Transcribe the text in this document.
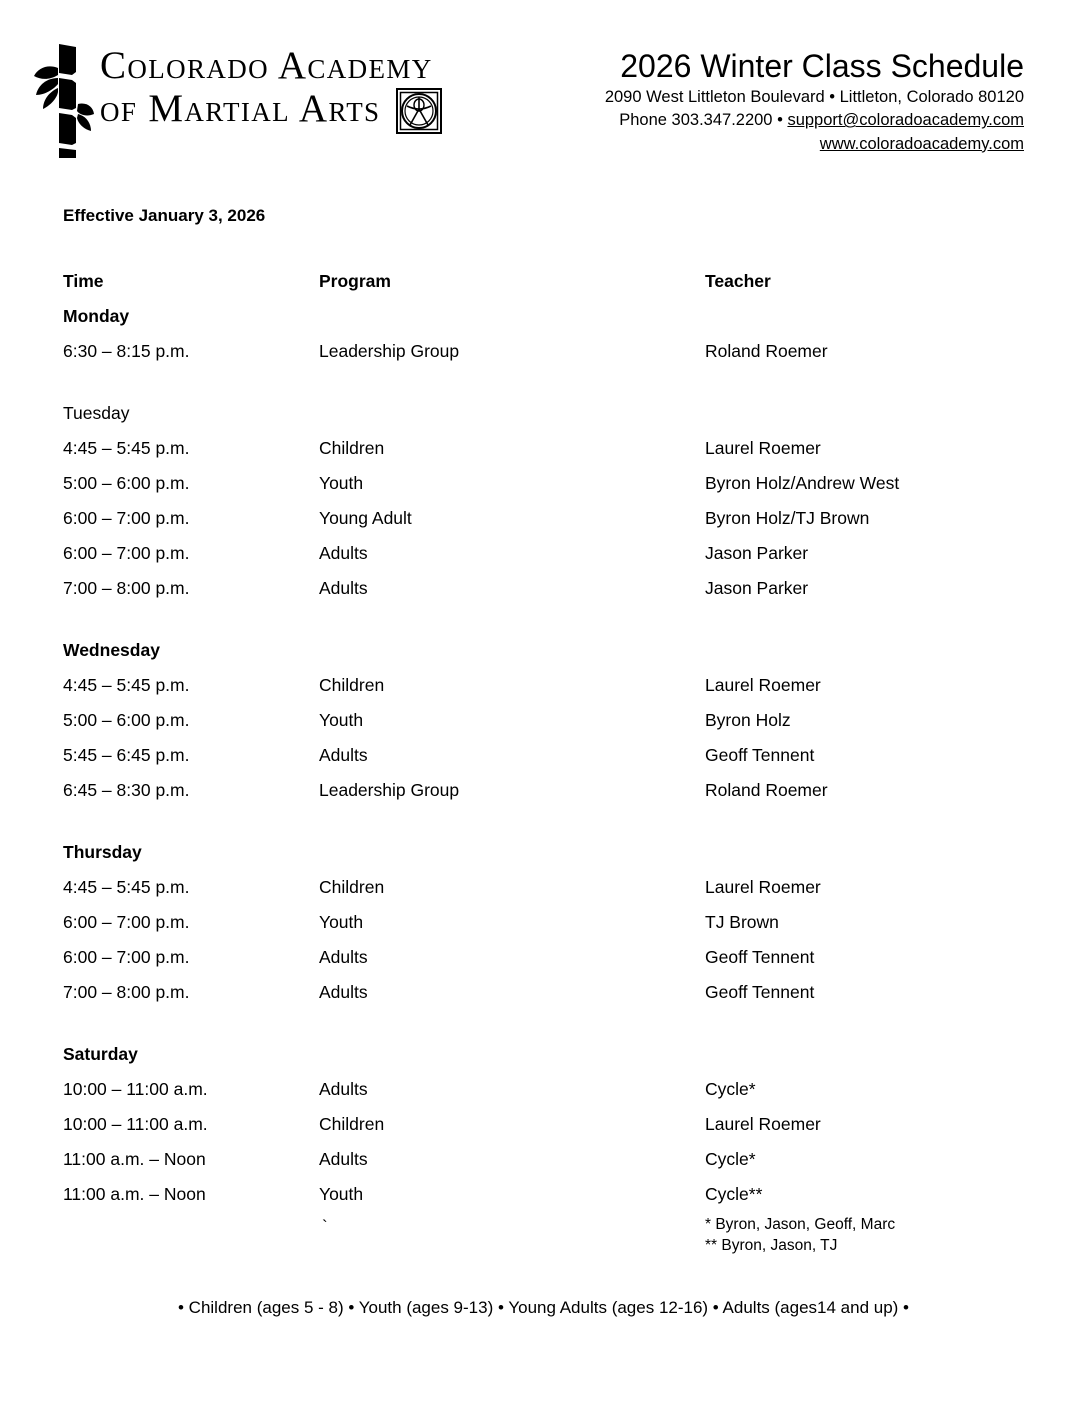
Colorado Academy
of Martial Arts
2026 Winter Class Schedule
2090 West Littleton Boulevard • Littleton, Colorado 80120
Phone 303.347.2200 • support@coloradoacademy.com
www.coloradoacademy.com
Effective January 3, 2026
Time	Program	Teacher
Monday
6:30 – 8:15 p.m.	Leadership Group	Roland Roemer
Tuesday
4:45 – 5:45 p.m.	Children	Laurel Roemer
5:00 – 6:00 p.m.	Youth	Byron Holz/Andrew West
6:00 – 7:00 p.m.	Young Adult	Byron Holz/TJ Brown
6:00 – 7:00 p.m.	Adults	Jason Parker
7:00 – 8:00 p.m.	Adults	Jason Parker
Wednesday
4:45 – 5:45 p.m.	Children	Laurel Roemer
5:00 – 6:00 p.m.	Youth	Byron Holz
5:45 – 6:45 p.m.	Adults	Geoff Tennent
6:45 – 8:30 p.m.	Leadership Group	Roland Roemer
Thursday
4:45 – 5:45 p.m.	Children	Laurel Roemer
6:00 – 7:00 p.m.	Youth	TJ Brown
6:00 – 7:00 p.m.	Adults	Geoff Tennent
7:00 – 8:00 p.m.	Adults	Geoff Tennent
Saturday
10:00 – 11:00 a.m.	Adults	Cycle*
10:00 – 11:00 a.m.	Children	Laurel Roemer
11:00 a.m. – Noon	Adults	Cycle*
11:00 a.m. – Noon	Youth	Cycle**
`	* Byron, Jason, Geoff, Marc
** Byron, Jason, TJ
• Children (ages 5 - 8) • Youth (ages 9-13) • Young Adults (ages 12-16) • Adults (ages14 and up) •
